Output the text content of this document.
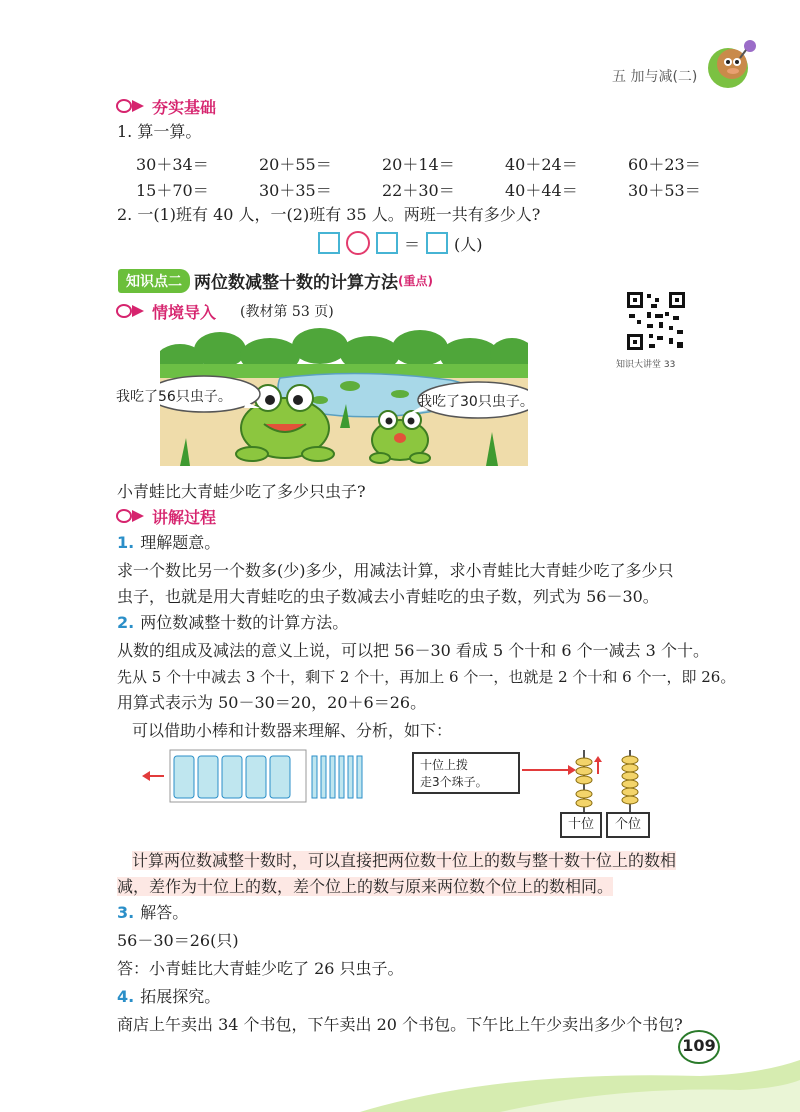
五 加与减(二)
夯实基础

1. 算一算。

30＋34＝	20＋55＝	20＋14＝	40＋24＝	60＋23＝
15＋70＝	30＋35＝	22＋30＝	40＋44＝	30＋53＝

2. 一(1)班有 40 人，一(2)班有 35 人。两班一共有多少人?

＝ (人)
知识点二 两位数减整十数的计算方法 (重点)
知识大讲堂 33
情境导入 (教材第 53 页)
我吃了56只虫子。	我吃了30只虫子。

小青蛙比大青蛙少吃了多少只虫子?

讲解过程

1. 理解题意。

求一个数比另一个数多(少)多少，用减法计算，求小青蛙比大青蛙少吃了多少只

虫子，也就是用大青蛙吃的虫子数减去小青蛙吃的虫子数，列式为 56－30。

2. 两位数减整十数的计算方法。

从数的组成及减法的意义上说，可以把 56－30 看成 5 个十和 6 个一减去 3 个十。

先从 5 个十中减去 3 个十，剩下 2 个十，再加上 6 个一，也就是 2 个十和 6 个一，即 26。

用算式表示为 50－30＝20，20＋6＝26。

可以借助小棒和计数器来理解、分析，如下：

十位上拨
走3个珠子。
十位	个位

计算两位数减整十数时，可以直接把两位数十位上的数与整十数十位上的数相

减，差作为十位上的数，差个位上的数与原来两位数个位上的数相同。

3. 解答。

56－30＝26(只)

答：小青蛙比大青蛙少吃了 26 只虫子。

4. 拓展探究。

商店上午卖出 34 个书包，下午卖出 20 个书包。下午比上午少卖出多少个书包?

109
